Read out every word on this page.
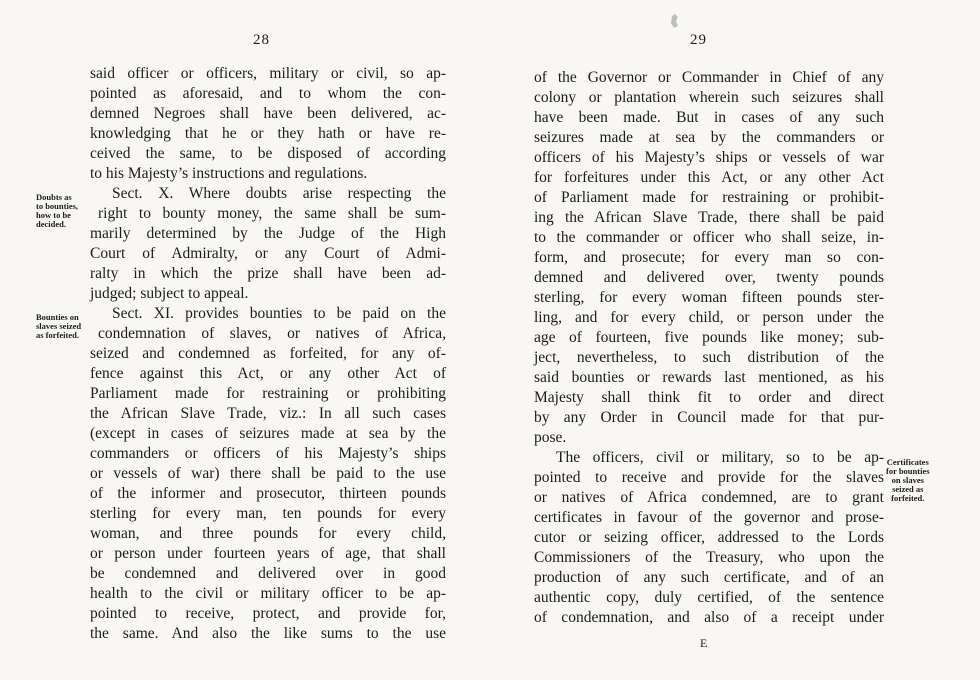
28
said officer or officers, military or civil, so ap-
pointed as aforesaid, and to whom the con-
demned Negroes shall have been delivered, ac-
knowledging that he or they hath or have re-
ceived the same, to be disposed of according
to his Majesty’s instructions and regulations.
Sect. X. Where doubts arise respecting the
right to bounty money, the same shall be sum-
marily determined by the Judge of the High
Court of Admiralty, or any Court of Admi-
ralty in which the prize shall have been ad-
judged; subject to appeal.
Sect. XI. provides bounties to be paid on the
condemnation of slaves, or natives of Africa,
seized and condemned as forfeited, for any of-
fence against this Act, or any other Act of
Parliament made for restraining or prohibiting
the African Slave Trade, viz.: In all such cases
(except in cases of seizures made at sea by the
commanders or officers of his Majesty’s ships
or vessels of war) there shall be paid to the use
of the informer and prosecutor, thirteen pounds
sterling for every man, ten pounds for every
woman, and three pounds for every child,
or person under fourteen years of age, that shall
be condemned and delivered over in good
health to the civil or military officer to be ap-
pointed to receive, protect, and provide for,
the same. And also the like sums to the use
Doubts as
to bounties,
how to be
decided.
Bounties on
slaves seized
as forfeited.
29
of the Governor or Commander in Chief of any
colony or plantation wherein such seizures shall
have been made. But in cases of any such
seizures made at sea by the commanders or
officers of his Majesty’s ships or vessels of war
for forfeitures under this Act, or any other Act
of Parliament made for restraining or prohibit-
ing the African Slave Trade, there shall be paid
to the commander or officer who shall seize, in-
form, and prosecute; for every man so con-
demned and delivered over, twenty pounds
sterling, for every woman fifteen pounds ster-
ling, and for every child, or person under the
age of fourteen, five pounds like money; sub-
ject, nevertheless, to such distribution of the
said bounties or rewards last mentioned, as his
Majesty shall think fit to order and direct
by any Order in Council made for that pur-
pose.
The officers, civil or military, so to be ap-
pointed to receive and provide for the slaves
or natives of Africa condemned, are to grant
certificates in favour of the governor and prose-
cutor or seizing officer, addressed to the Lords
Commissioners of the Treasury, who upon the
production of any such certificate, and of an
authentic copy, duly certified, of the sentence
of condemnation, and also of a receipt under
Certificates
for bounties
on slaves
seized as
forfeited.
E
